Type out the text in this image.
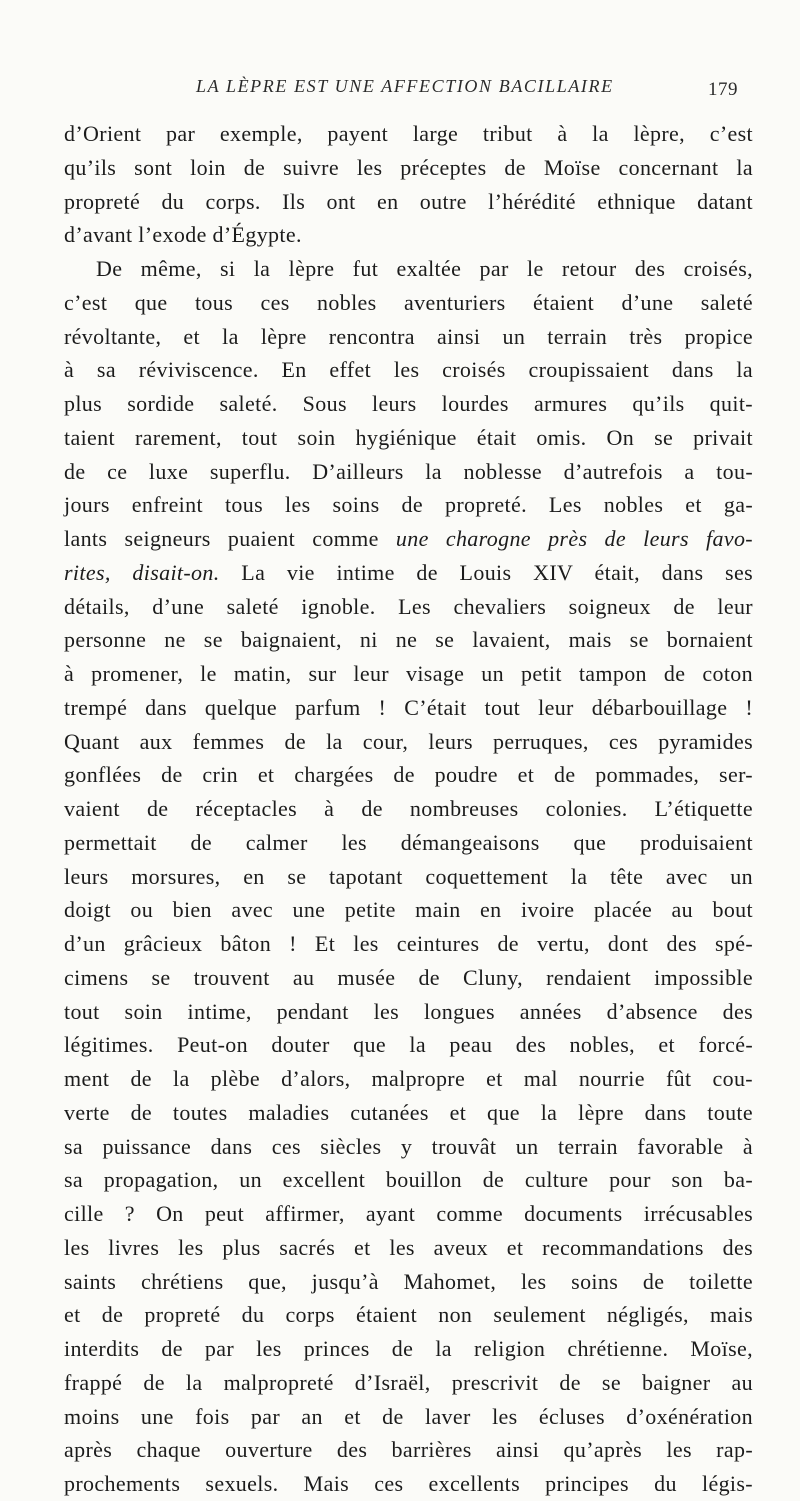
LA LÈPRE EST UNE AFFECTION BACILLAIRE	179
d’Orient par exemple, payent large tribut à la lèpre, c’est
qu’ils sont loin de suivre les préceptes de Moïse concernant la
propreté du corps. Ils ont en outre l’hérédité ethnique datant
d’avant l’exode d’Égypte.
De même, si la lèpre fut exaltée par le retour des croisés,
c’est que tous ces nobles aventuriers étaient d’une saleté
révoltante, et la lèpre rencontra ainsi un terrain très propice
à sa réviviscence. En effet les croisés croupissaient dans la
plus sordide saleté. Sous leurs lourdes armures qu’ils quit-
taient rarement, tout soin hygiénique était omis. On se privait
de ce luxe superflu. D’ailleurs la noblesse d’autrefois a tou-
jours enfreint tous les soins de propreté. Les nobles et ga-
lants seigneurs puaient comme une charogne près de leurs favo-
rites, disait-on. La vie intime de Louis XIV était, dans ses
détails, d’une saleté ignoble. Les chevaliers soigneux de leur
personne ne se baignaient, ni ne se lavaient, mais se bornaient
à promener, le matin, sur leur visage un petit tampon de coton
trempé dans quelque parfum ! C’était tout leur débarbouillage !
Quant aux femmes de la cour, leurs perruques, ces pyramides
gonflées de crin et chargées de poudre et de pommades, ser-
vaient de réceptacles à de nombreuses colonies. L’étiquette
permettait de calmer les démangeaisons que produisaient
leurs morsures, en se tapotant coquettement la tête avec un
doigt ou bien avec une petite main en ivoire placée au bout
d’un grâcieux bâton ! Et les ceintures de vertu, dont des spé-
cimens se trouvent au musée de Cluny, rendaient impossible
tout soin intime, pendant les longues années d’absence des
légitimes. Peut-on douter que la peau des nobles, et forcé-
ment de la plèbe d’alors, malpropre et mal nourrie fût cou-
verte de toutes maladies cutanées et que la lèpre dans toute
sa puissance dans ces siècles y trouvât un terrain favorable à
sa propagation, un excellent bouillon de culture pour son ba-
cille ? On peut affirmer, ayant comme documents irrécusables
les livres les plus sacrés et les aveux et recommandations des
saints chrétiens que, jusqu’à Mahomet, les soins de toilette
et de propreté du corps étaient non seulement négligés, mais
interdits de par les princes de la religion chrétienne. Moïse,
frappé de la malpropreté d’Israël, prescrivit de se baigner au
moins une fois par an et de laver les écluses d’oxénération
après chaque ouverture des barrières ainsi qu’après les rap-
prochements sexuels. Mais ces excellents principes du légis-
